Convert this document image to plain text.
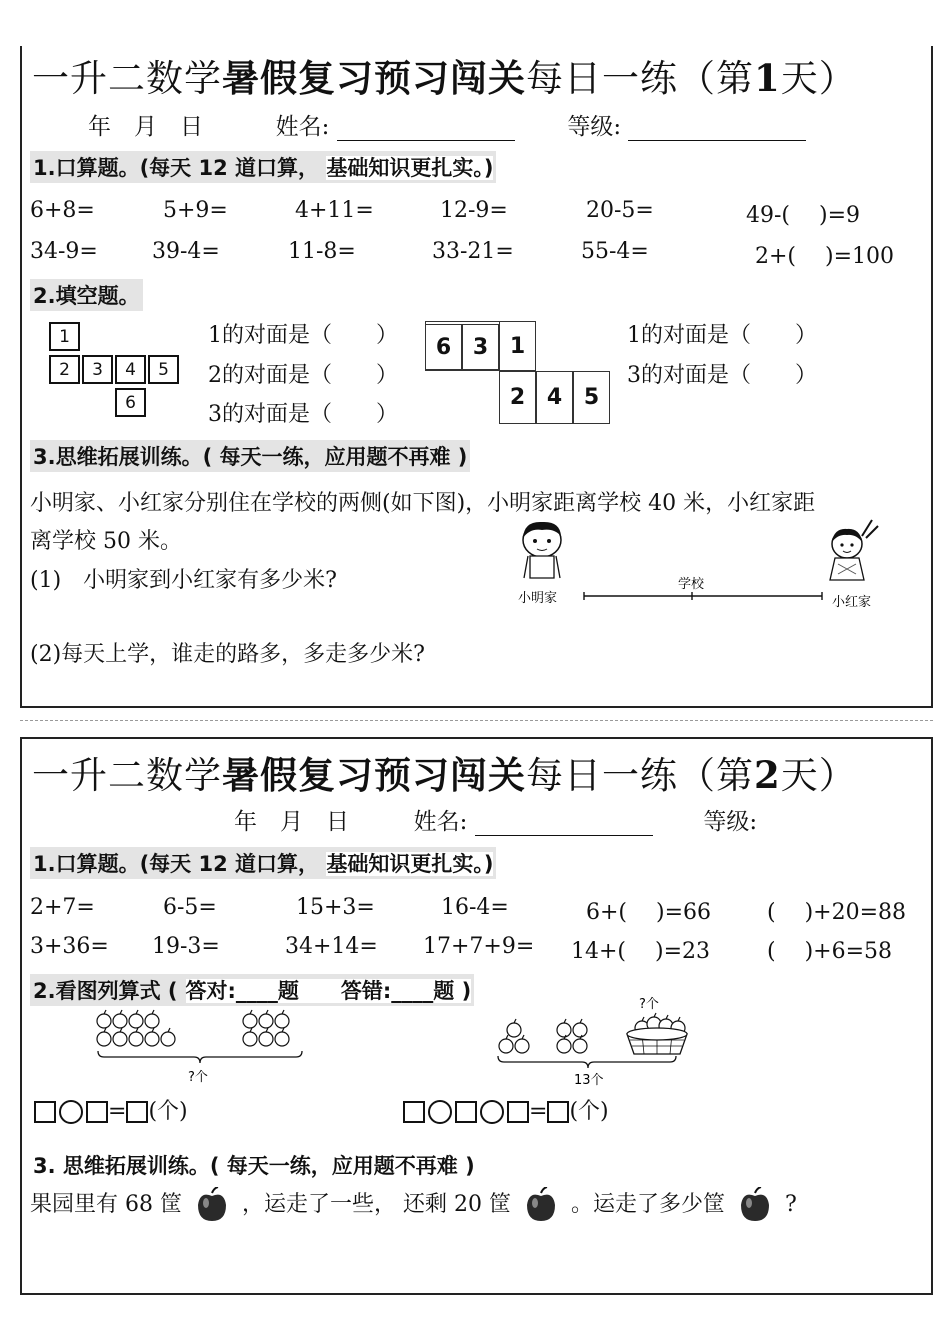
一升二数学暑假复习预习闯关每日一练（第1天）
年　月　日	姓名:	等级:
1.口算题。(每天 12 道口算， 基础知识更扎实。)
6+8=	5+9=	4+11=	12-9=	20-5=	49-(　 )=9
34-9= 39-4=	11-8=	33-21=	55-4=	2+(　 )=100
2.填空题。
1
2	3	4	5
6
1的对面是（　　）
2的对面是（　　）
3的对面是（　　）
6 3 1
2 4 5
1的对面是（　　）
3的对面是（　　）
3.思维拓展训练。( 每天一练，应用题不再难 )
小明家、小红家分别住在学校的两侧(如下图)，小明家距离学校 40 米，小红家距
离学校 50 米。
(1)　小明家到小红家有多少米?
(2)每天上学，谁走的路多，多走多少米?
小明家
学校
小红家
一升二数学暑假复习预习闯关每日一练（第2天）
年　月　日	姓名:	等级:
1.口算题。(每天 12 道口算， 基础知识更扎实。)
2+7=	6-5=	15+3=	16-4=	6+(　 )=66	(　 )+20=88
3+36= 19-3=	34+14= 17+7+9= 14+(　 )=23	(　 )+6=58
2.看图列算式 ( 答对:____题　　答错:____题 )
?个
?个
13个
= (个)	= (个)
3. 思维拓展训练。( 每天一练，应用题不再难 )
果园里有 68 筐	，运走了一些， 还剩 20 筐	。运走了多少筐	?
